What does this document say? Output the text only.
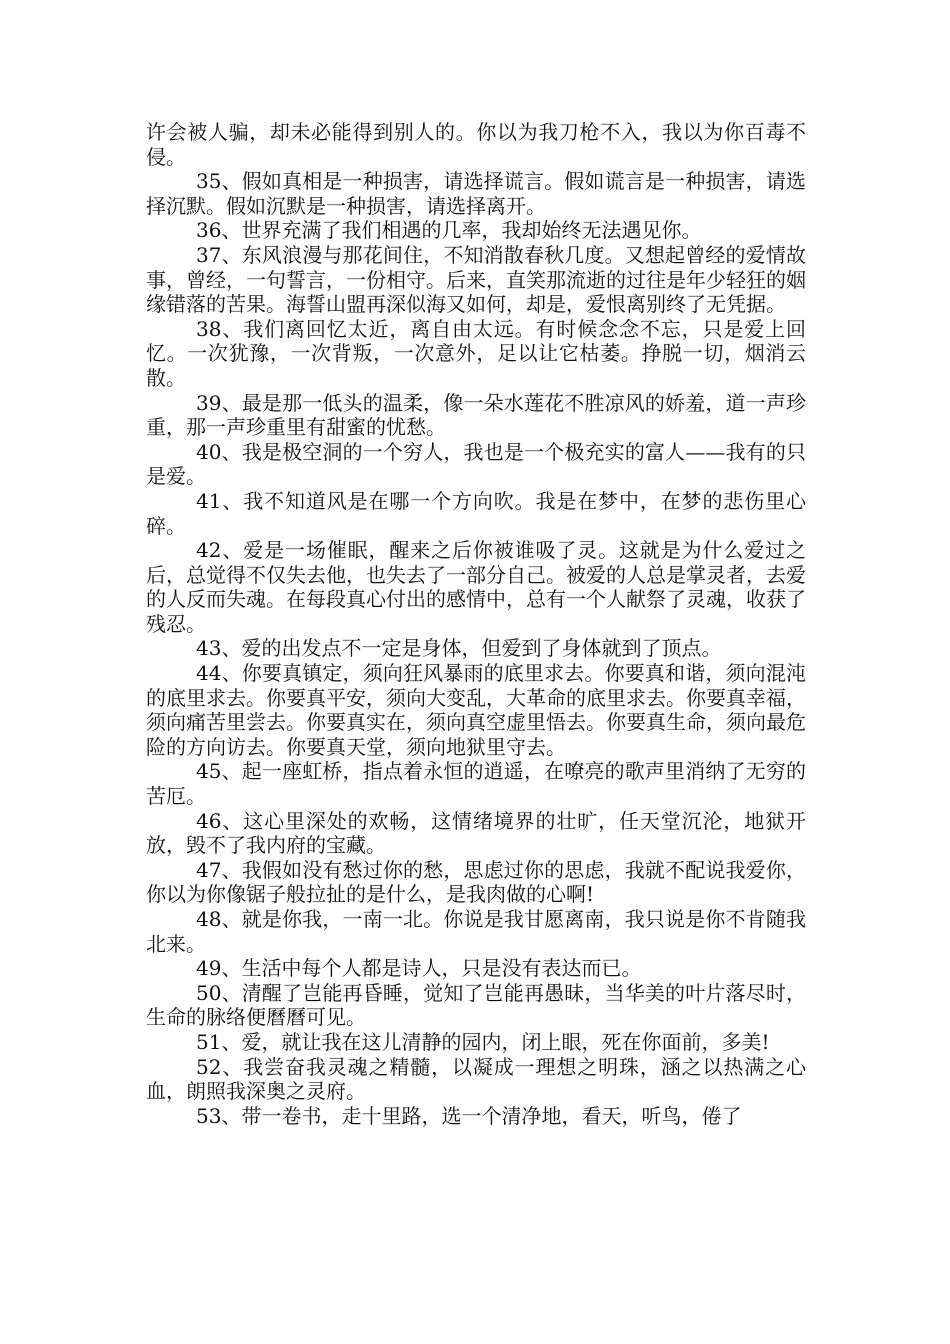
许会被人骗，却未必能得到别人的。你以为我刀枪不入，我以为你百毒不侵。

35、假如真相是一种损害，请选择谎言。假如谎言是一种损害，请选择沉默。假如沉默是一种损害，请选择离开。

36、世界充满了我们相遇的几率，我却始终无法遇见你。

37、东风浪漫与那花间住，不知消散春秋几度。又想起曾经的爱情故事，曾经，一句誓言，一份相守。后来，直笑那流逝的过往是年少轻狂的姻缘错落的苦果。海誓山盟再深似海又如何，却是，爱恨离别终了无凭据。

38、我们离回忆太近，离自由太远。有时候念念不忘，只是爱上回忆。一次犹豫，一次背叛，一次意外，足以让它枯萎。挣脱一切，烟消云散。

39、最是那一低头的温柔，像一朵水莲花不胜凉风的娇羞，道一声珍重，那一声珍重里有甜蜜的忧愁。

40、我是极空洞的一个穷人，我也是一个极充实的富人——我有的只是爱。

41、我不知道风是在哪一个方向吹。我是在梦中，在梦的悲伤里心碎。

42、爱是一场催眠，醒来之后你被谁吸了灵。这就是为什么爱过之后，总觉得不仅失去他，也失去了一部分自己。被爱的人总是掌灵者，去爱的人反而失魂。在每段真心付出的感情中，总有一个人献祭了灵魂，收获了残忍。

43、爱的出发点不一定是身体，但爱到了身体就到了顶点。

44、你要真镇定，须向狂风暴雨的底里求去。你要真和谐，须向混沌的底里求去。你要真平安，须向大变乱，大革命的底里求去。你要真幸福，须向痛苦里尝去。你要真实在，须向真空虚里悟去。你要真生命，须向最危险的方向访去。你要真天堂，须向地狱里守去。

45、起一座虹桥，指点着永恒的逍遥，在嘹亮的歌声里消纳了无穷的苦厄。

46、这心里深处的欢畅，这情绪境界的壮旷，任天堂沉沦，地狱开放，毁不了我内府的宝藏。

47、我假如没有愁过你的愁，思虑过你的思虑，我就不配说我爱你，你以为你像锯子般拉扯的是什么，是我肉做的心啊!

48、就是你我，一南一北。你说是我甘愿离南，我只说是你不肯随我北来。

49、生活中每个人都是诗人，只是没有表达而已。

50、清醒了岂能再昏睡，觉知了岂能再愚昧，当华美的叶片落尽时，生命的脉络便曆曆可见。

51、爱，就让我在这儿清静的园内，闭上眼，死在你面前，多美!

52、我尝奋我灵魂之精髓，以凝成一理想之明珠，涵之以热满之心血，朗照我深奥之灵府。

53、带一卷书，走十里路，选一个清净地，看天，听鸟，倦了
